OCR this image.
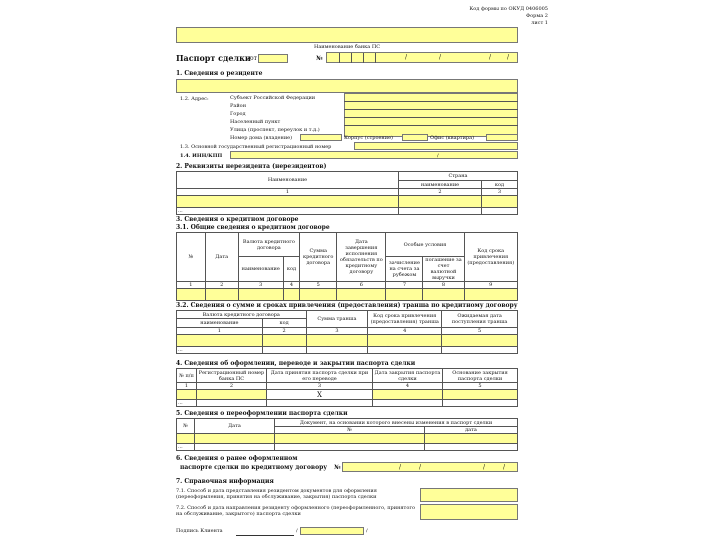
Код формы по ОКУД 0406005
Форма 2
лист 1
Наименование банка ПС
Паспорт сделки от	№	/	/	/	/
1. Сведения о резиденте
1.2. Адрес:	Субъект Российской Федерации
Район
Город
Населенный пункт
Улица (проспект, переулок и т.д.)
Номер дома (владение)	Корпус (строение)	Офис (квартира)
1.3. Основной государственный регистрационный номер
1.4. ИНН/КПП	/
2. Реквизиты нерезидента (нерезидентов)
Наименование	Страна	
	наименование	код
1	2	3

...		
3. Сведения о кредитном договоре
3.1. Общие сведения о кредитном договоре
№	Дата	Валюта кредитного договора		Сумма кредитного договора	Дата завершения исполнения обязательств по кредитному договору	Особые условия		Код срока привлечения (предоставления)
		наименование	код			зачисление на счета за рубежом	погашение за счет валютной выручки	
1	2	3	4	5	6	7	8	9

3.2. Сведения о сумме и сроках привлечения (предоставления) транша по кредитному договору
Валюта кредитного договора		Сумма транша	Код срока привлечения (предоставления) транша	Ожидаемая дата поступления транша
наименование	код			
1	2	3	4	5

...				
4. Сведения об оформлении, переводе и закрытии паспорта сделки
№ п/п	Регистрационный номер банка ПС	Дата принятия паспорта сделки при его переводе	Дата закрытия паспорта сделки	Основание закрытия паспорта сделки
1	2	3	4	5
		X		
...				
5. Сведения о переоформлении паспорта сделки
№	Дата	Документ, на основании которого внесены изменения в паспорт сделки	
		№	дата

...			
6. Сведения о ранее оформленном
паспорте сделки по кредитному договору №	/	/	/	/
7. Справочная информация
7.1. Способ и дата представления резидентом документов для оформления (переоформления, принятия на обслуживание, закрытия) паспорта сделки
7.2. Способ и дата направления резиденту оформленного (переоформленного, принятого на обслуживание, закрытого) паспорта сделки
Подпись Клиента	/	/
